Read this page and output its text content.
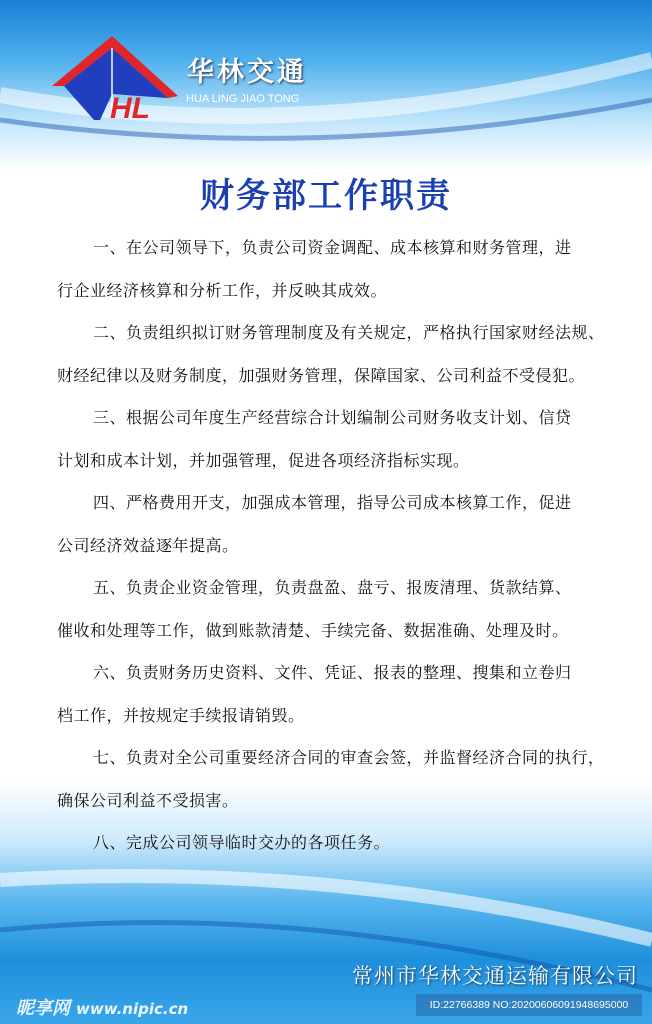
HL
华林交通
HUA LING JIAO TONG
财务部工作职责
一、在公司领导下，负责公司资金调配、成本核算和财务管理，进
行企业经济核算和分析工作，并反映其成效。
二、负责组织拟订财务管理制度及有关规定，严格执行国家财经法规、
财经纪律以及财务制度，加强财务管理，保障国家、公司利益不受侵犯。
三、根据公司年度生产经营综合计划编制公司财务收支计划、信贷
计划和成本计划，并加强管理，促进各项经济指标实现。
四、严格费用开支，加强成本管理，指导公司成本核算工作，促进
公司经济效益逐年提高。
五、负责企业资金管理，负责盘盈、盘亏、报废清理、货款结算、
催收和处理等工作，做到账款清楚、手续完备、数据准确、处理及时。
六、负责财务历史资料、文件、凭证、报表的整理、搜集和立卷归
档工作，并按规定手续报请销毁。
七、负责对全公司重要经济合同的审查会签，并监督经济合同的执行，
确保公司利益不受损害。
八、完成公司领导临时交办的各项任务。
常州市华林交通运输有限公司
昵享网 www.nipic.cn	ID:22766389 NO:20200606091948695000
